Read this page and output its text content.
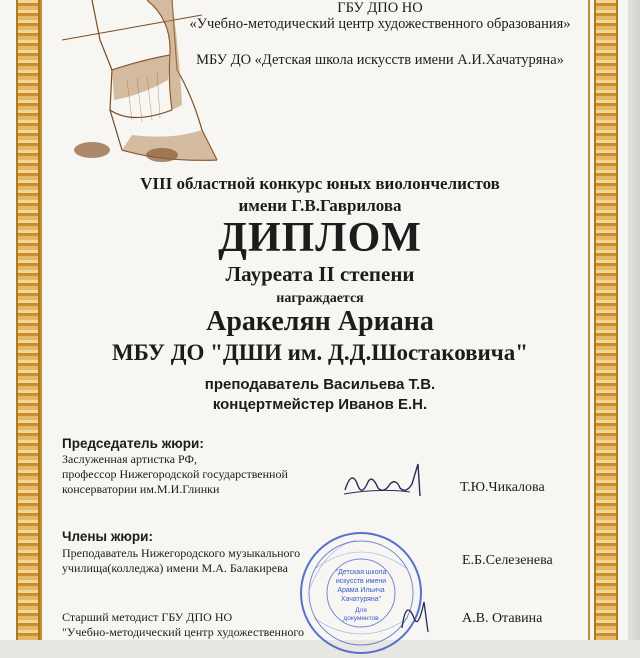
ГБУ ДПО НО
«Учебно-методический центр художественного образования»
МБУ ДО «Детская школа искусств имени А.И.Хачатуряна»
VIII областной конкурс юных виолончелистов
имени Г.В.Гаврилова
ДИПЛОМ
Лауреата II степени
награждается
Аракелян Ариана
МБУ ДО "ДШИ им. Д.Д.Шостаковича"
преподаватель Васильева Т.В.
концертмейстер Иванов Е.Н.
Председатель жюри:
Заслуженная артистка РФ,
профессор Нижегородской государственной
консерватории им.М.И.Глинки	Т.Ю.Чикалова
Члены жюри:
Преподаватель Нижегородского музыкального
училища(колледжа) имени М.А. Балакирева	Е.Б.Селезенева
Старший методист ГБУ ДПО НО
"Учебно-методический центр художественного
А.В. Отавина
"Детская школа
искусств имени
Арама Ильича
Хачатуряна"
Для
документов
